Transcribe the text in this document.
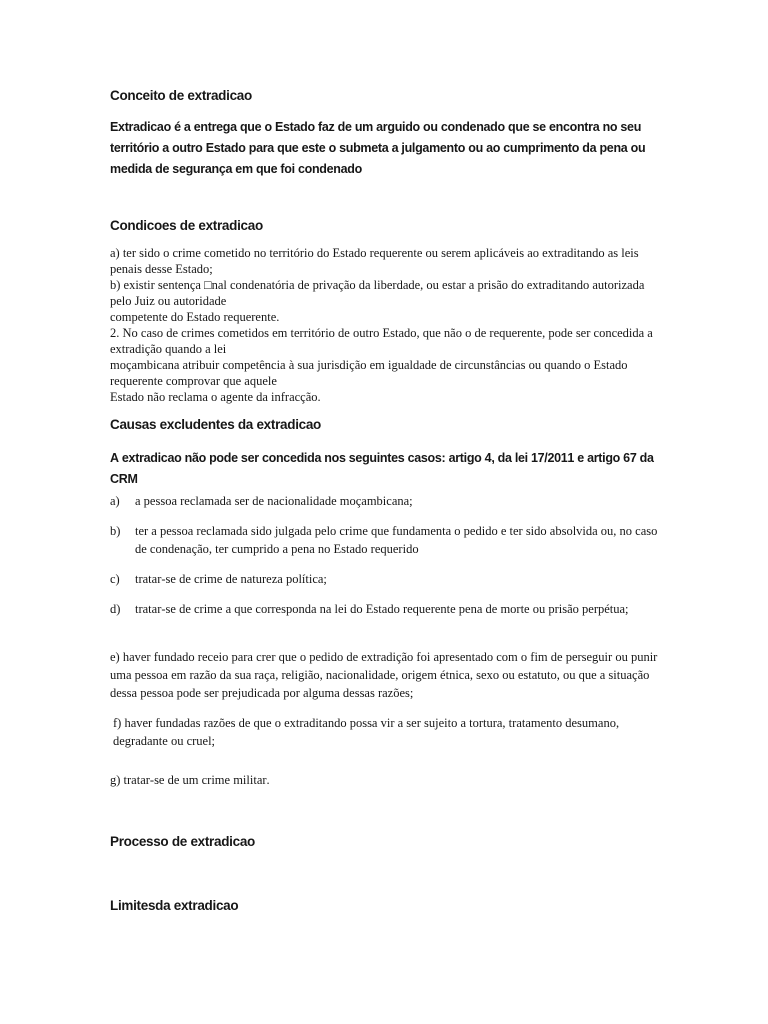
Conceito de extradicao

Extradicao é a entrega que o Estado faz de um arguido ou condenado que se encontra no seu território a outro Estado para que este o submeta a julgamento ou ao cumprimento da pena ou medida de segurança em que foi condenado

Condicoes de extradicao
a) ter sido o crime cometido no território do Estado requerente ou serem aplicáveis ao extraditando as leis penais desse Estado;
b) existir sentença □nal condenatória de privação da liberdade, ou estar a prisão do extraditando autorizada pelo Juiz ou autoridade
competente do Estado requerente.
2. No caso de crimes cometidos em território de outro Estado, que não o de requerente, pode ser concedida a extradição quando a lei
moçambicana atribuir competência à sua jurisdição em igualdade de circunstâncias ou quando o Estado requerente comprovar que aquele
Estado não reclama o agente da infracção.
Causas excludentes da extradicao

A extradicao não pode ser concedida nos seguintes casos: artigo 4, da lei 17/2011 e artigo 67 da CRM

a)	a pessoa reclamada ser de nacionalidade moçambicana;
b)	ter a pessoa reclamada sido julgada pelo crime que fundamenta o pedido e ter sido absolvida ou, no caso de condenação, ter cumprido a pena no Estado requerido
c)	tratar-se de crime de natureza política;
d)	tratar-se de crime a que corresponda na lei do Estado requerente pena de morte ou prisão perpétua;

e) haver fundado receio para crer que o pedido de extradição foi apresentado com o fim de perseguir ou punir uma pessoa em razão da sua raça, religião, nacionalidade, origem étnica, sexo ou estatuto, ou que a situação dessa pessoa pode ser prejudicada por alguma dessas razões;

f) haver fundadas razões de que o extraditando possa vir a ser sujeito a tortura, tratamento desumano, degradante ou cruel;

g) tratar-se de um crime militar.

Processo de extradicao
Limitesda extradicao
